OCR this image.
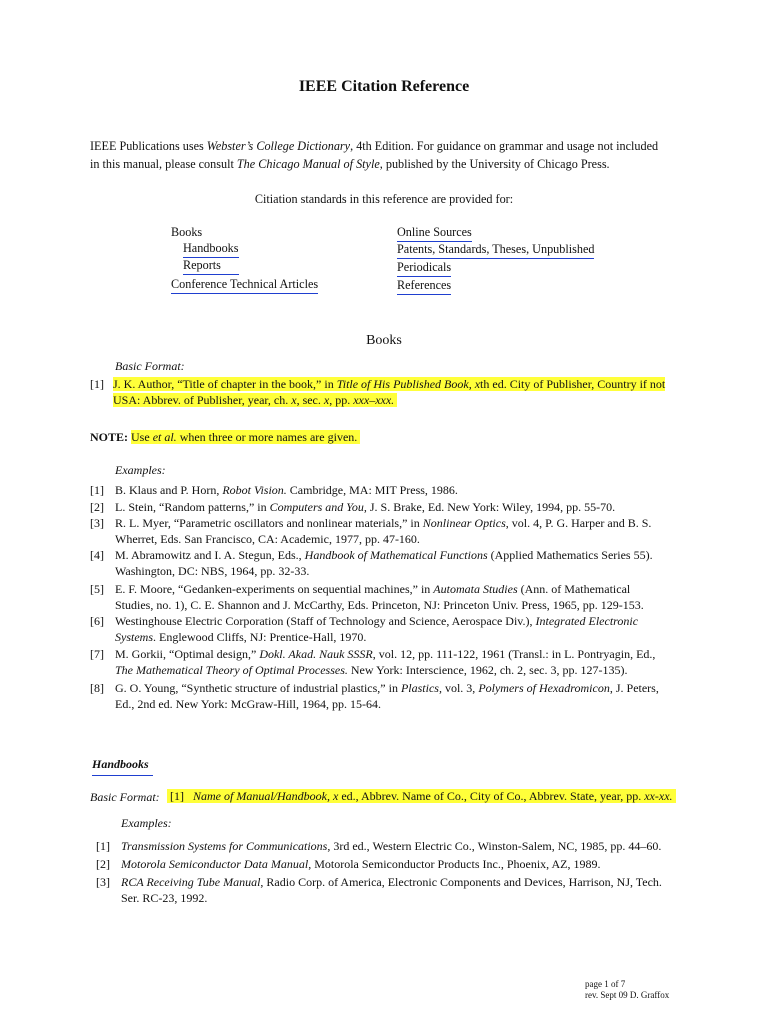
IEEE Citation Reference
IEEE Publications uses Webster’s College Dictionary, 4th Edition. For guidance on grammar and usage not included
in this manual, please consult The Chicago Manual of Style, published by the University of Chicago Press.
Citiation standards in this reference are provided for:
Books
Handbooks
Reports
Conference Technical Articles
Online Sources
Patents, Standards, Theses, Unpublished
Periodicals
References
Books
Basic Format:
[1] J. K. Author, “Title of chapter in the book,” in Title of His Published Book, xth ed. City of Publisher, Country if not
USA: Abbrev. of Publisher, year, ch. x, sec. x, pp. xxx–xxx.
NOTE: Use et al. when three or more names are given.
Examples:
[1] B. Klaus and P. Horn, Robot Vision. Cambridge, MA: MIT Press, 1986.
[2] L. Stein, “Random patterns,” in Computers and You, J. S. Brake, Ed. New York: Wiley, 1994, pp. 55-70.
[3] R. L. Myer, “Parametric oscillators and nonlinear materials,” in Nonlinear Optics, vol. 4, P. G. Harper and B. S.
Wherret, Eds. San Francisco, CA: Academic, 1977, pp. 47-160.
[4] M. Abramowitz and I. A. Stegun, Eds., Handbook of Mathematical Functions (Applied Mathematics Series 55).
Washington, DC: NBS, 1964, pp. 32-33.
[5] E. F. Moore, “Gedanken-experiments on sequential machines,” in Automata Studies (Ann. of Mathematical
Studies, no. 1), C. E. Shannon and J. McCarthy, Eds. Princeton, NJ: Princeton Univ. Press, 1965, pp. 129-153.
[6] Westinghouse Electric Corporation (Staff of Technology and Science, Aerospace Div.), Integrated Electronic
Systems. Englewood Cliffs, NJ: Prentice-Hall, 1970.
[7] M. Gorkii, “Optimal design,” Dokl. Akad. Nauk SSSR, vol. 12, pp. 111-122, 1961 (Transl.: in L. Pontryagin, Ed.,
The Mathematical Theory of Optimal Processes. New York: Interscience, 1962, ch. 2, sec. 3, pp. 127-135).
[8] G. O. Young, “Synthetic structure of industrial plastics,” in Plastics, vol. 3, Polymers of Hexadromicon, J. Peters,
Ed., 2nd ed. New York: McGraw-Hill, 1964, pp. 15-64.
Handbooks
Basic Format: [1] Name of Manual/Handbook, x ed., Abbrev. Name of Co., City of Co., Abbrev. State, year, pp. xx-xx.
Examples:
[1] Transmission Systems for Communications, 3rd ed., Western Electric Co., Winston-Salem, NC, 1985, pp. 44–60.
[2] Motorola Semiconductor Data Manual, Motorola Semiconductor Products Inc., Phoenix, AZ, 1989.
[3] RCA Receiving Tube Manual, Radio Corp. of America, Electronic Components and Devices, Harrison, NJ, Tech.
Ser. RC-23, 1992.
page 1 of 7
rev. Sept 09 D. Graffox
